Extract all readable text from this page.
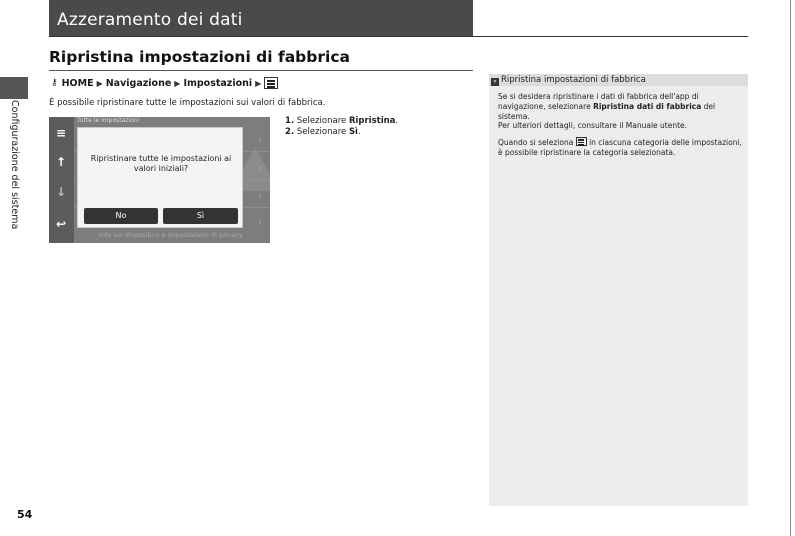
Azzeramento dei dati
Ripristina impostazioni di fabbrica
Configurazione del sistema
⚷ HOME ▶ Navigazione ▶ Impostazioni ▶
È possibile ripristinare tutte le impostazioni sui valori di fabbrica.
≡
↑
↓
↩
Tutte le impostazioni
›
›
›
›
Info sul dispositivo e impostazioni di privacy
Ripristinare tutte le impostazioni ai valori iniziali?
No	Sì
1. Selezionare Ripristina.
2. Selezionare Sì.
» Ripristina impostazioni di fabbrica

Se si desidera ripristinare i dati di fabbrica dell'app di navigazione, selezionare Ripristina dati di fabbrica del sistema.
Per ulteriori dettagli, consultare il Manuale utente.

Quando si seleziona
in ciascuna categoria delle impostazioni, è possibile ripristinare la categoria selezionata.

54
